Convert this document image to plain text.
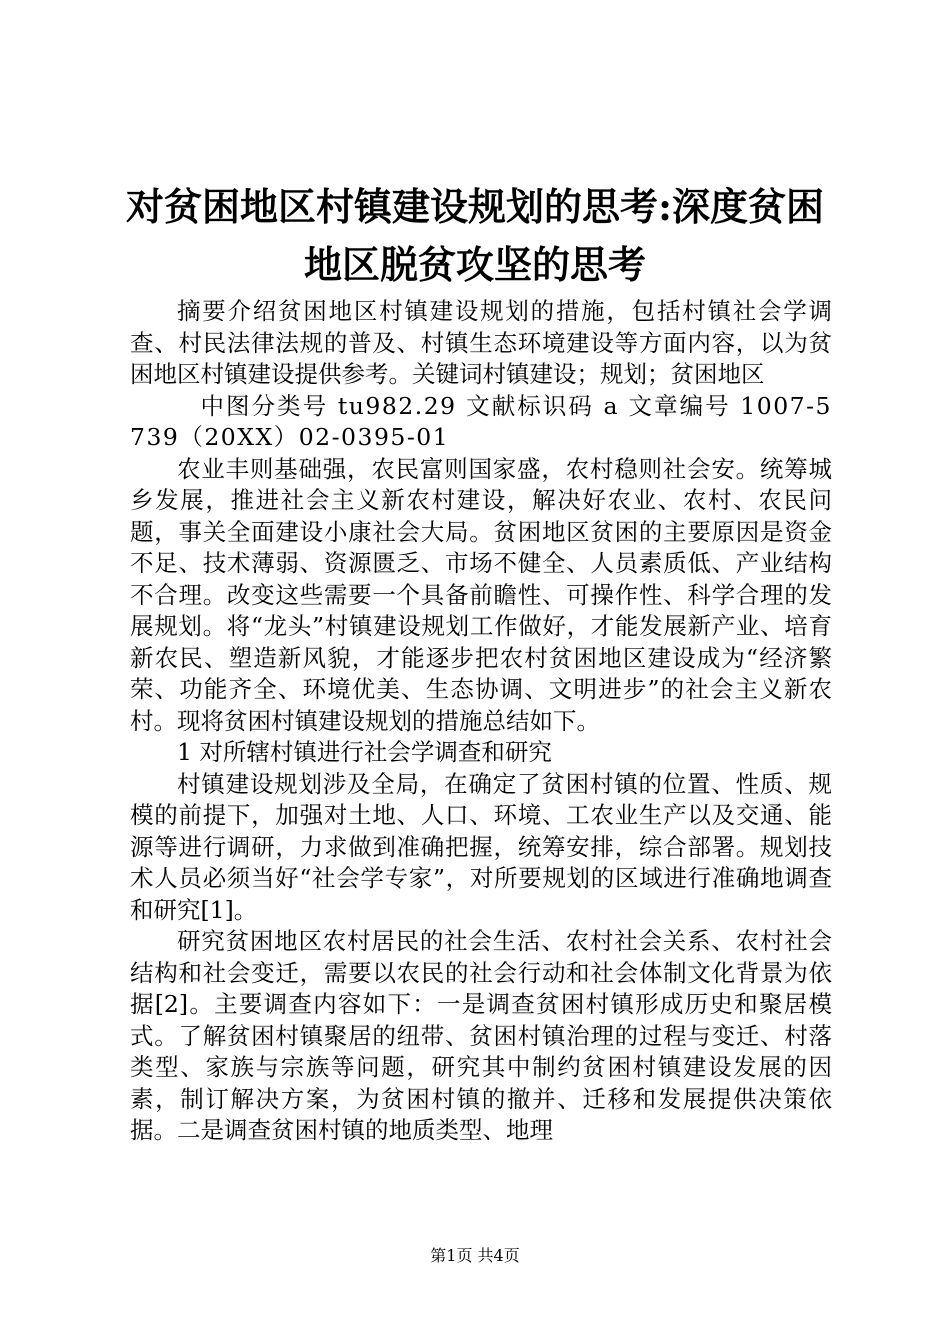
对贫困地区村镇建设规划的思考:深度贫困地区脱贫攻坚的思考

摘要介绍贫困地区村镇建设规划的措施，包括村镇社会学调查、村民法律法规的普及、村镇生态环境建设等方面内容，以为贫困地区村镇建设提供参考。关键词村镇建设；规划；贫困地区

中图分类号 tu982.29 文献标识码 a 文章编号 1007-5739（20XX）02-0395-01

农业丰则基础强，农民富则国家盛，农村稳则社会安。统筹城乡发展，推进社会主义新农村建设，解决好农业、农村、农民问题，事关全面建设小康社会大局。贫困地区贫困的主要原因是资金不足、技术薄弱、资源匮乏、市场不健全、人员素质低、产业结构不合理。改变这些需要一个具备前瞻性、可操作性、科学合理的发展规划。将“龙头”村镇建设规划工作做好，才能发展新产业、培育新农民、塑造新风貌，才能逐步把农村贫困地区建设成为“经济繁荣、功能齐全、环境优美、生态协调、文明进步”的社会主义新农村。现将贫困村镇建设规划的措施总结如下。

1 对所辖村镇进行社会学调查和研究

村镇建设规划涉及全局，在确定了贫困村镇的位置、性质、规模的前提下，加强对土地、人口、环境、工农业生产以及交通、能源等进行调研，力求做到准确把握，统筹安排，综合部署。规划技术人员必须当好“社会学专家”，对所要规划的区域进行准确地调查和研究[1]。

研究贫困地区农村居民的社会生活、农村社会关系、农村社会结构和社会变迁，需要以农民的社会行动和社会体制文化背景为依据[2]。主要调查内容如下：一是调查贫困村镇形成历史和聚居模式。了解贫困村镇聚居的纽带、贫困村镇治理的过程与变迁、村落类型、家族与宗族等问题，研究其中制约贫困村镇建设发展的因素，制订解决方案，为贫困村镇的撤并、迁移和发展提供决策依据。二是调查贫困村镇的地质类型、地理

第1页 共4页
